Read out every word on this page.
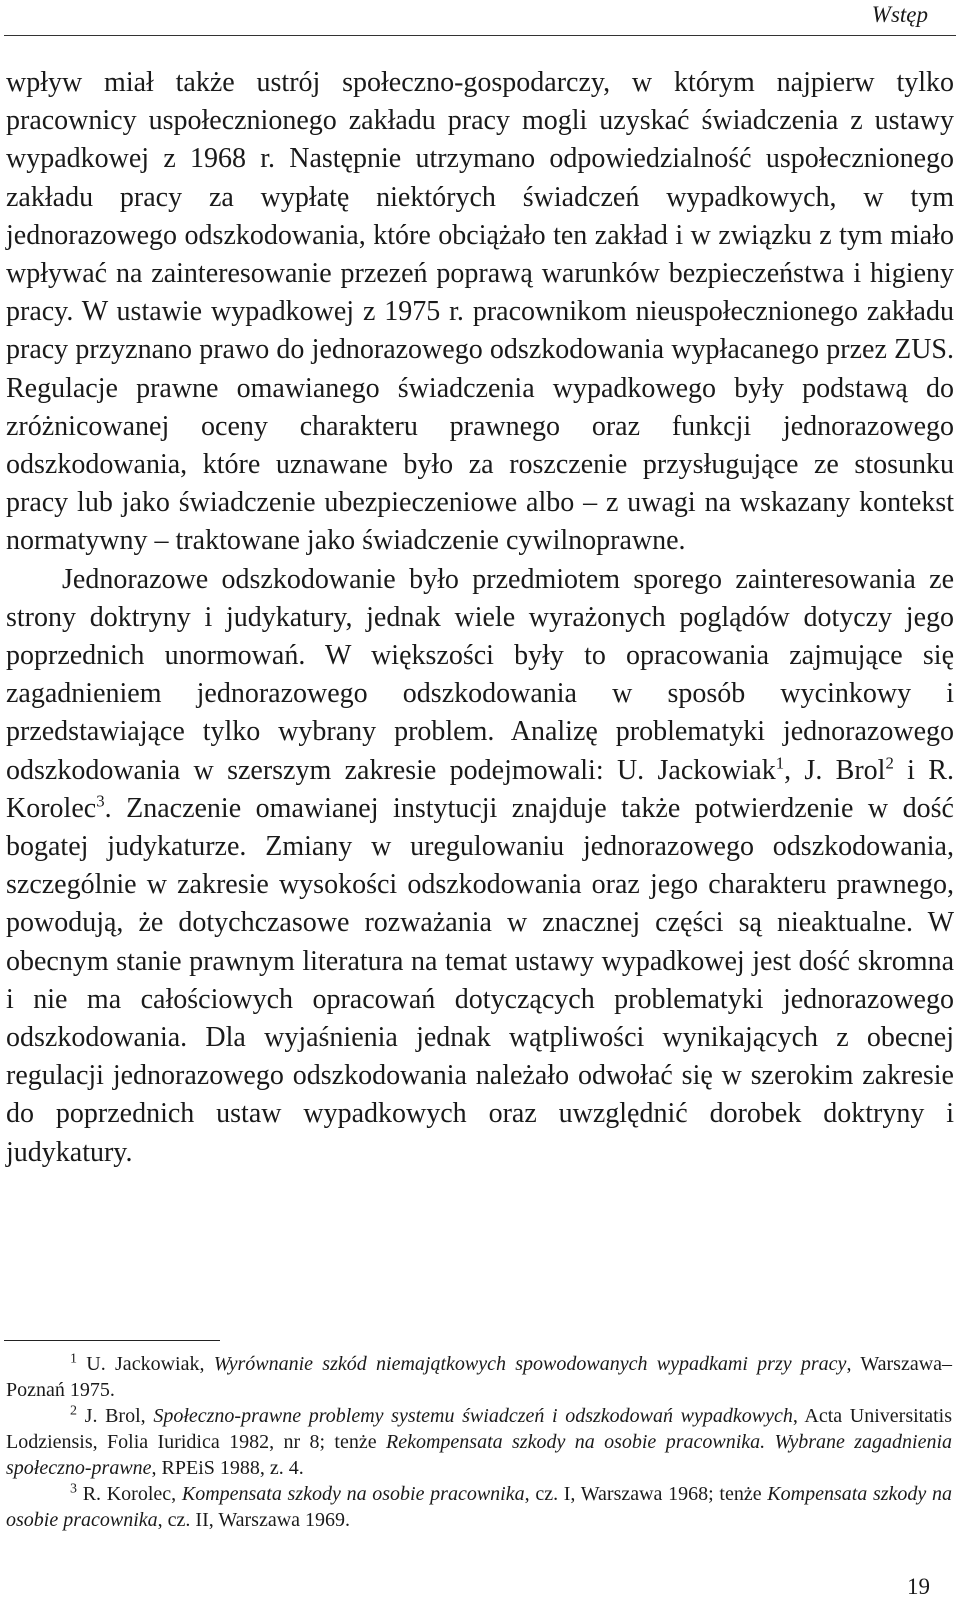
Wstęp

wpływ miał także ustrój społeczno-gospodarczy, w którym najpierw tylko pracownicy uspołecznionego zakładu pracy mogli uzyskać świadczenia z ustawy wypadkowej z 1968 r. Następnie utrzymano odpowiedzialność uspołecznionego zakładu pracy za wypłatę niektórych świadczeń wypadkowych, w tym jednorazowego odszkodowania, które obciążało ten zakład i w związku z tym miało wpływać na zainteresowanie przezeń poprawą warunków bezpieczeństwa i higieny pracy. W ustawie wypadkowej z 1975 r. pracownikom nieuspołecznionego zakładu pracy przyznano prawo do jednorazowego odszkodowania wypłacanego przez ZUS. Regulacje prawne omawianego świadczenia wypadkowego były podstawą do zróżnicowanej oceny charakteru prawnego oraz funkcji jednorazowego odszkodowania, które uznawane było za roszczenie przysługujące ze stosunku pracy lub jako świadczenie ubezpieczeniowe albo – z uwagi na wskazany kontekst normatywny – traktowane jako świadczenie cywilnoprawne.

Jednorazowe odszkodowanie było przedmiotem sporego zainteresowania ze strony doktryny i judykatury, jednak wiele wyrażonych poglądów dotyczy jego poprzednich unormowań. W większości były to opracowania zajmujące się zagadnieniem jednorazowego odszkodowania w sposób wycinkowy i przedstawiające tylko wybrany problem. Analizę problematyki jednorazowego odszkodowania w szerszym zakresie podejmowali: U. Jackowiak$^1$, J. Brol$^2$ i R. Korolec$^3$. Znaczenie omawianej instytucji znajduje także potwierdzenie w dość bogatej judykaturze. Zmiany w uregulowaniu jednorazowego odszkodowania, szczególnie w zakresie wysokości odszkodowania oraz jego charakteru prawnego, powodują, że dotychczasowe rozważania w znacznej części są nieaktualne. W obecnym stanie prawnym literatura na temat ustawy wypadkowej jest dość skromna i nie ma całościowych opracowań dotyczących problematyki jednorazowego odszkodowania. Dla wyjaśnienia jednak wątpliwości wynikających z obecnej regulacji jednorazowego odszkodowania należało odwołać się w szerokim zakresie do poprzednich ustaw wypadkowych oraz uwzględnić dorobek doktryny i judykatury.

$^1$ U. Jackowiak, Wyrównanie szkód niemajątkowych spowodowanych wypadkami przy pracy, Warszawa–Poznań 1975.

$^2$ J. Brol, Społeczno-prawne problemy systemu świadczeń i odszkodowań wypadkowych, Acta Universitatis Lodziensis, Folia Iuridica 1982, nr 8; tenże Rekompensata szkody na osobie pracownika. Wybrane zagadnienia społeczno-prawne, RPEiS 1988, z. 4.

$^3$ R. Korolec, Kompensata szkody na osobie pracownika, cz. I, Warszawa 1968; tenże Kompensata szkody na osobie pracownika, cz. II, Warszawa 1969.

19
